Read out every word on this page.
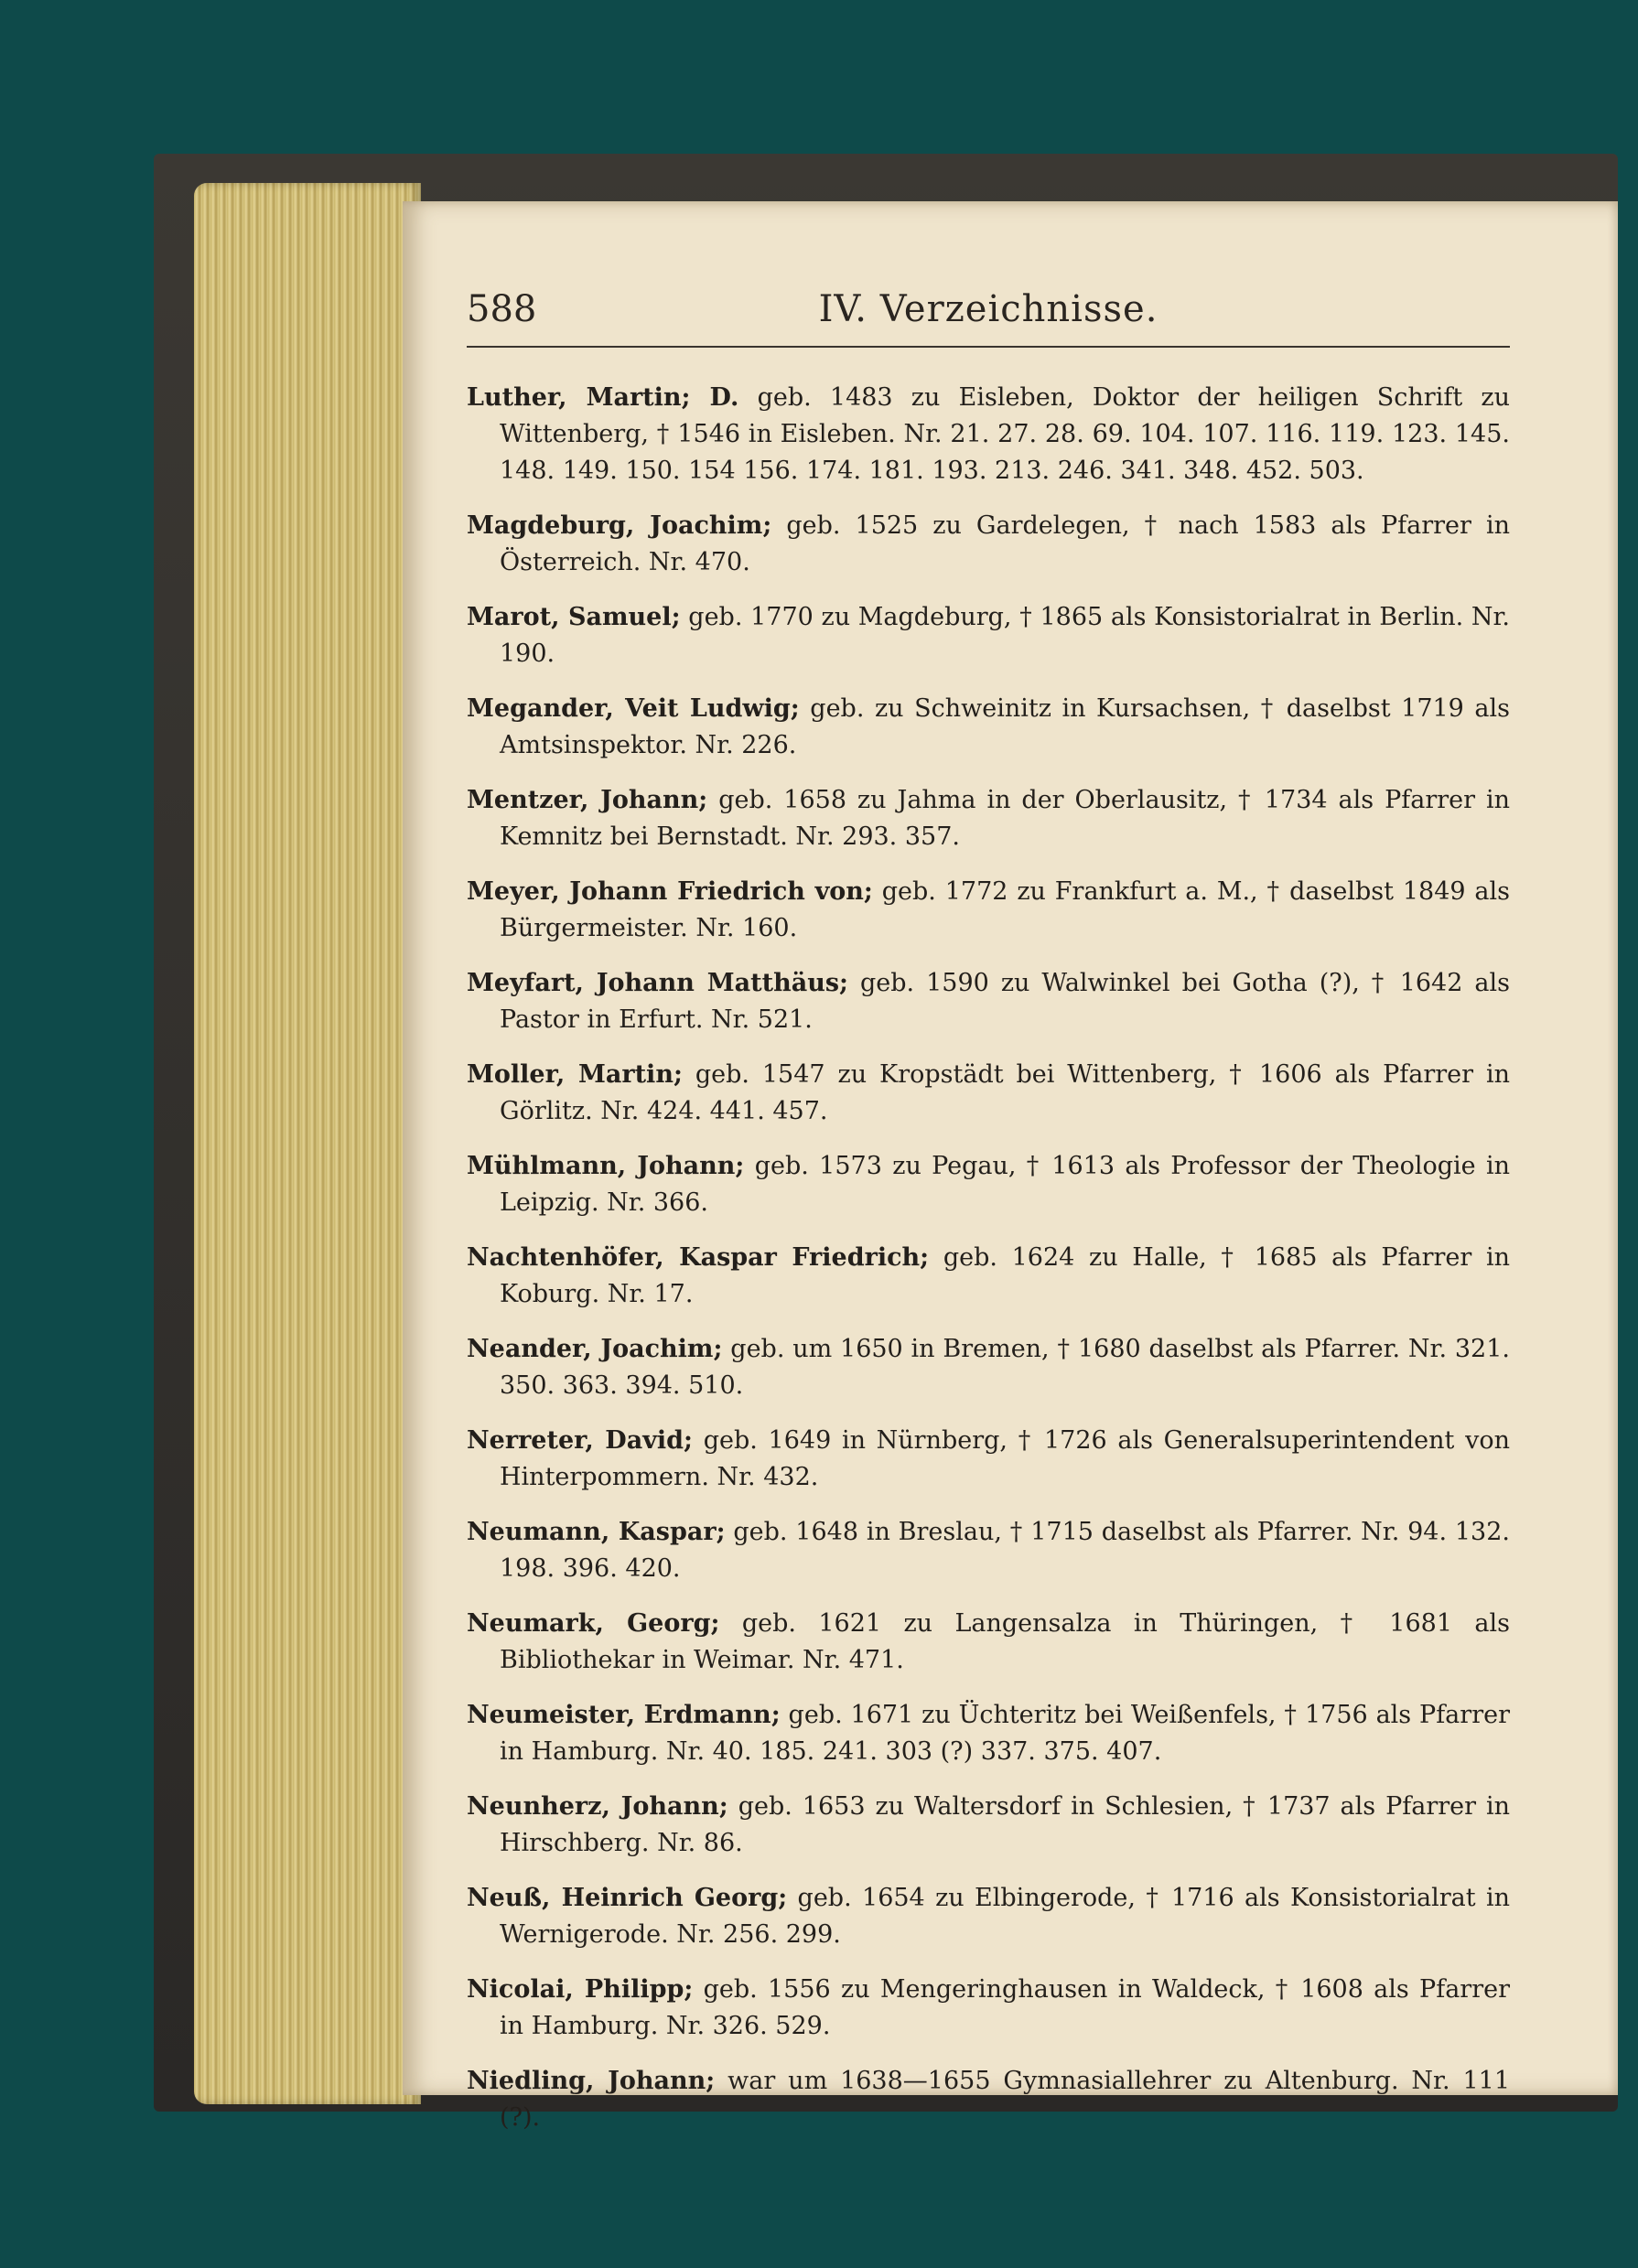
588	IV. Verzeichnisse.

Luther, Martin; D. geb. 1483 zu Eisleben, Doktor der heiligen Schrift zu Wittenberg, † 1546 in Eisleben. Nr. 21. 27. 28. 69. 104. 107. 116. 119. 123. 145. 148. 149. 150. 154 156. 174. 181. 193. 213. 246. 341. 348. 452. 503.

Magdeburg, Joachim; geb. 1525 zu Gardelegen, † nach 1583 als Pfarrer in Österreich. Nr. 470.

Marot, Samuel; geb. 1770 zu Magdeburg, † 1865 als Konsistorialrat in Berlin. Nr. 190.

Megander, Veit Ludwig; geb. zu Schweinitz in Kursachsen, † daselbst 1719 als Amtsinspektor. Nr. 226.

Mentzer, Johann; geb. 1658 zu Jahma in der Oberlausitz, † 1734 als Pfarrer in Kemnitz bei Bernstadt. Nr. 293. 357.

Meyer, Johann Friedrich von; geb. 1772 zu Frankfurt a. M., † daselbst 1849 als Bürgermeister. Nr. 160.

Meyfart, Johann Matthäus; geb. 1590 zu Walwinkel bei Gotha (?), † 1642 als Pastor in Erfurt. Nr. 521.

Moller, Martin; geb. 1547 zu Kropstädt bei Wittenberg, † 1606 als Pfarrer in Görlitz. Nr. 424. 441. 457.

Mühlmann, Johann; geb. 1573 zu Pegau, † 1613 als Professor der Theologie in Leipzig. Nr. 366.

Nachtenhöfer, Kaspar Friedrich; geb. 1624 zu Halle, † 1685 als Pfarrer in Koburg. Nr. 17.

Neander, Joachim; geb. um 1650 in Bremen, † 1680 daselbst als Pfarrer. Nr. 321. 350. 363. 394. 510.

Nerreter, David; geb. 1649 in Nürnberg, † 1726 als Generalsuperintendent von Hinterpommern. Nr. 432.

Neumann, Kaspar; geb. 1648 in Breslau, † 1715 daselbst als Pfarrer. Nr. 94. 132. 198. 396. 420.

Neumark, Georg; geb. 1621 zu Langensalza in Thüringen, † 1681 als Bibliothekar in Weimar. Nr. 471.

Neumeister, Erdmann; geb. 1671 zu Üchteritz bei Weißenfels, † 1756 als Pfarrer in Hamburg. Nr. 40. 185. 241. 303 (?) 337. 375. 407.

Neunherz, Johann; geb. 1653 zu Waltersdorf in Schlesien, † 1737 als Pfarrer in Hirschberg. Nr. 86.

Neuß, Heinrich Georg; geb. 1654 zu Elbingerode, † 1716 als Konsistorialrat in Wernigerode. Nr. 256. 299.

Nicolai, Philipp; geb. 1556 zu Mengeringhausen in Waldeck, † 1608 als Pfarrer in Hamburg. Nr. 326. 529.

Niedling, Johann; war um 1638—1655 Gymnasiallehrer zu Altenburg. Nr. 111 (?).
